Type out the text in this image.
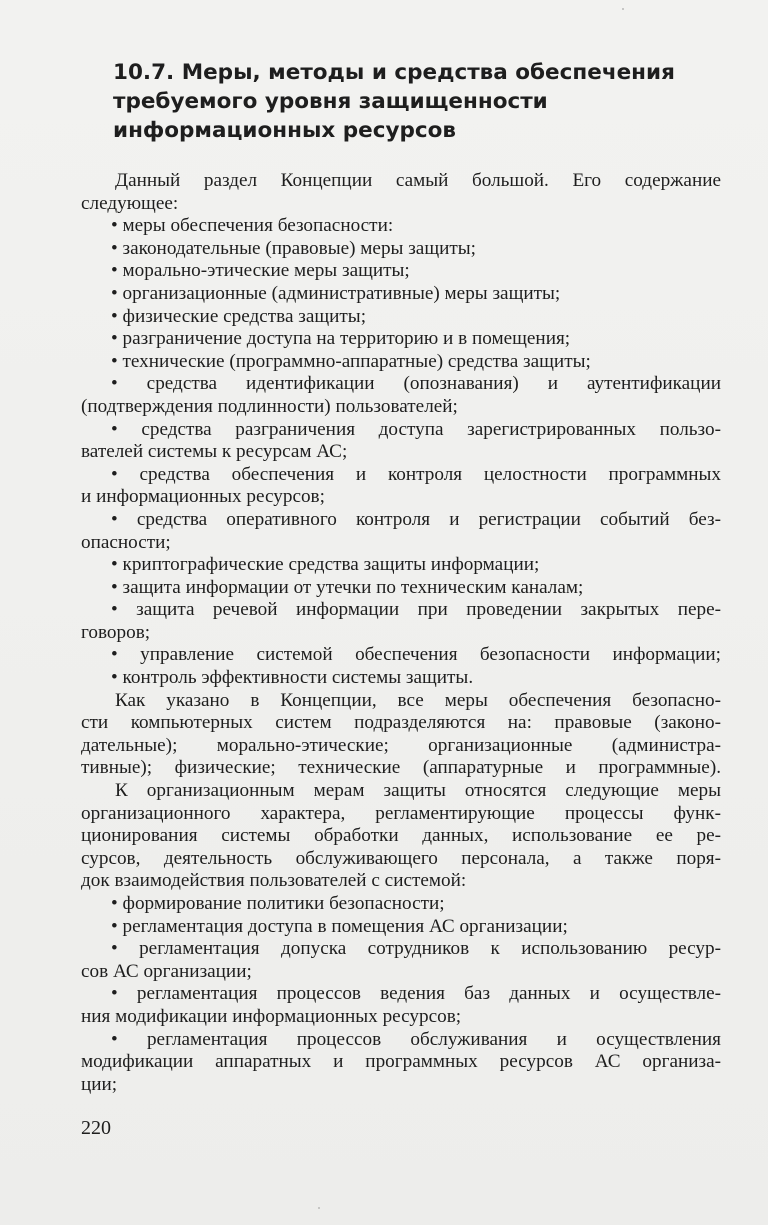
10.7. Меры, методы и средства обеспечения
требуемого уровня защищенности
информационных ресурсов
Данный раздел Концепции самый большой. Его содержание
следующее:
• меры обеспечения безопасности:
• законодательные (правовые) меры защиты;
• морально-этические меры защиты;
• организационные (административные) меры защиты;
• физические средства защиты;
• разграничение доступа на территорию и в помещения;
• технические (программно-аппаратные) средства защиты;
• средства идентификации (опознавания) и аутентификации
(подтверждения подлинности) пользователей;
• средства разграничения доступа зарегистрированных пользо-
вателей системы к ресурсам АС;
• средства обеспечения и контроля целостности программных
и информационных ресурсов;
• средства оперативного контроля и регистрации событий без-
опасности;
• криптографические средства защиты информации;
• защита информации от утечки по техническим каналам;
• защита речевой информации при проведении закрытых пере-
говоров;
• управление системой обеспечения безопасности информации;
• контроль эффективности системы защиты.
Как указано в Концепции, все меры обеспечения безопасно-
сти компьютерных систем подразделяются на: правовые (законо-
дательные); морально-этические; организационные (администра-
тивные); физические; технические (аппаратурные и программные).
К организационным мерам защиты относятся следующие меры
организационного характера, регламентирующие процессы функ-
ционирования системы обработки данных, использование ее ре-
сурсов, деятельность обслуживающего персонала, а также поря-
док взаимодействия пользователей с системой:
• формирование политики безопасности;
• регламентация доступа в помещения АС организации;
• регламентация допуска сотрудников к использованию ресур-
сов АС организации;
• регламентация процессов ведения баз данных и осуществле-
ния модификации информационных ресурсов;
• регламентация процессов обслуживания и осуществления
модификации аппаратных и программных ресурсов АС организа-
ции;
220
